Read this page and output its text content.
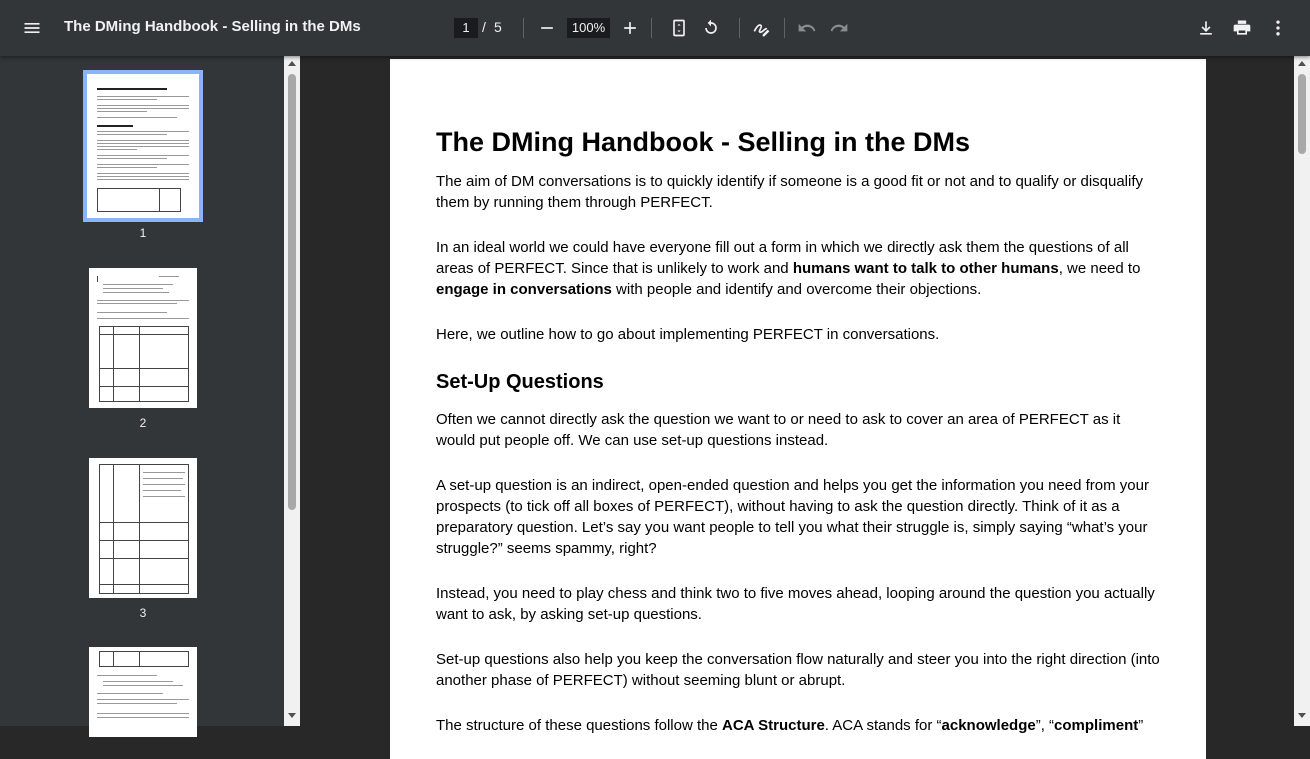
The DMing Handbook - Selling in the DMs	1 / 5	100%
1
2
3
The DMing Handbook - Selling in the DMs

The aim of DM conversations is to quickly identify if someone is a good fit or not and to qualify or disqualify them by running them through PERFECT.

In an ideal world we could have everyone fill out a form in which we directly ask them the questions of all areas of PERFECT. Since that is unlikely to work and humans want to talk to other humans, we need to engage in conversations with people and identify and overcome their objections.

Here, we outline how to go about implementing PERFECT in conversations.

Set-Up Questions

Often we cannot directly ask the question we want to or need to ask to cover an area of PERFECT as it would put people off. We can use set-up questions instead.

A set-up question is an indirect, open-ended question and helps you get the information you need from your prospects (to tick off all boxes of PERFECT), without having to ask the question directly. Think of it as a preparatory question. Let’s say you want people to tell you what their struggle is, simply saying “what’s your struggle?” seems spammy, right?

Instead, you need to play chess and think two to five moves ahead, looping around the question you actually want to ask, by asking set-up questions.

Set-up questions also help you keep the conversation flow naturally and steer you into the right direction (into another phase of PERFECT) without seeming blunt or abrupt.

The structure of these questions follow the ACA Structure. ACA stands for “acknowledge”, “compliment”
